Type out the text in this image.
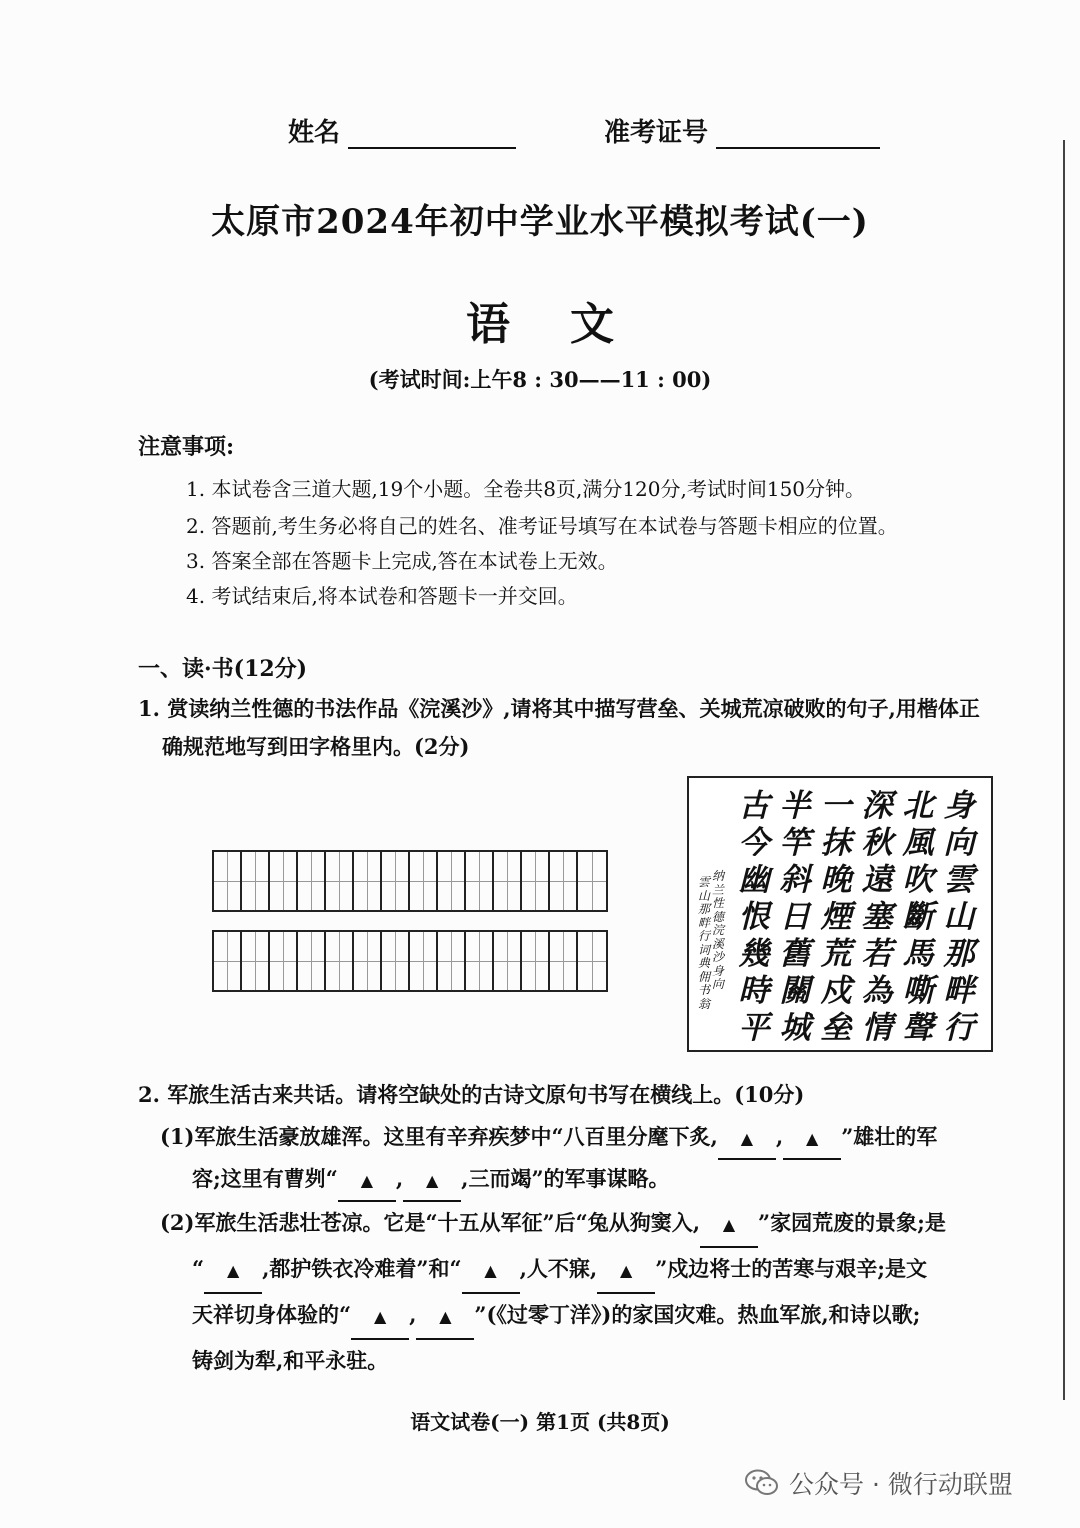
姓名	准考证号
太原市2024年初中学业水平模拟考试(一)
语文
(考试时间:上午8 : 30——11 : 00)
注意事项:
1. 本试卷含三道大题,19个小题。全卷共8页,满分120分,考试时间150分钟。
2. 答题前,考生务必将自己的姓名、准考证号填写在本试卷与答题卡相应的位置。
3. 答案全部在答题卡上完成,答在本试卷上无效。
4. 考试结束后,将本试卷和答题卡一并交回。
一、读·书(12分)
1. 赏读纳兰性德的书法作品《浣溪沙》,请将其中描写营垒、关城荒凉破败的句子,用楷体正
确规范地写到田字格里内。(2分)
身
向
雲
山
那
畔
行
北
風
吹
斷
馬
嘶
聲
深
秋
遠
塞
若
為
情
一
抹
晚
煙
荒
戍
垒
半
竿
斜
日
舊
關
城
古
今
幽
恨
幾
時
平
纳
兰
性
德
浣
溪
沙
身
向
雲
山
那
畔
行
词
典
佣
书
翁
2. 军旅生活古来共话。请将空缺处的古诗文原句书写在横线上。(10分)
(1)军旅生活豪放雄浑。这里有辛弃疾梦中“八百里分麾下炙, ▲ , ▲ ”雄壮的军
容;这里有曹刿“ ▲ , ▲ ,三而竭”的军事谋略。
(2)军旅生活悲壮苍凉。它是“十五从军征”后“兔从狗窦入, ▲ ”家园荒废的景象;是
“ ▲ ,都护铁衣冷难着”和“ ▲ ,人不寐, ▲ ”戍边将士的苦寒与艰辛;是文
天祥切身体验的“ ▲ , ▲ ”(《过零丁洋》)的家国灾难。热血军旅,和诗以歌;
铸剑为犁,和平永驻。
语文试卷(一) 第1页 (共8页)
公众号 · 微行动联盟
